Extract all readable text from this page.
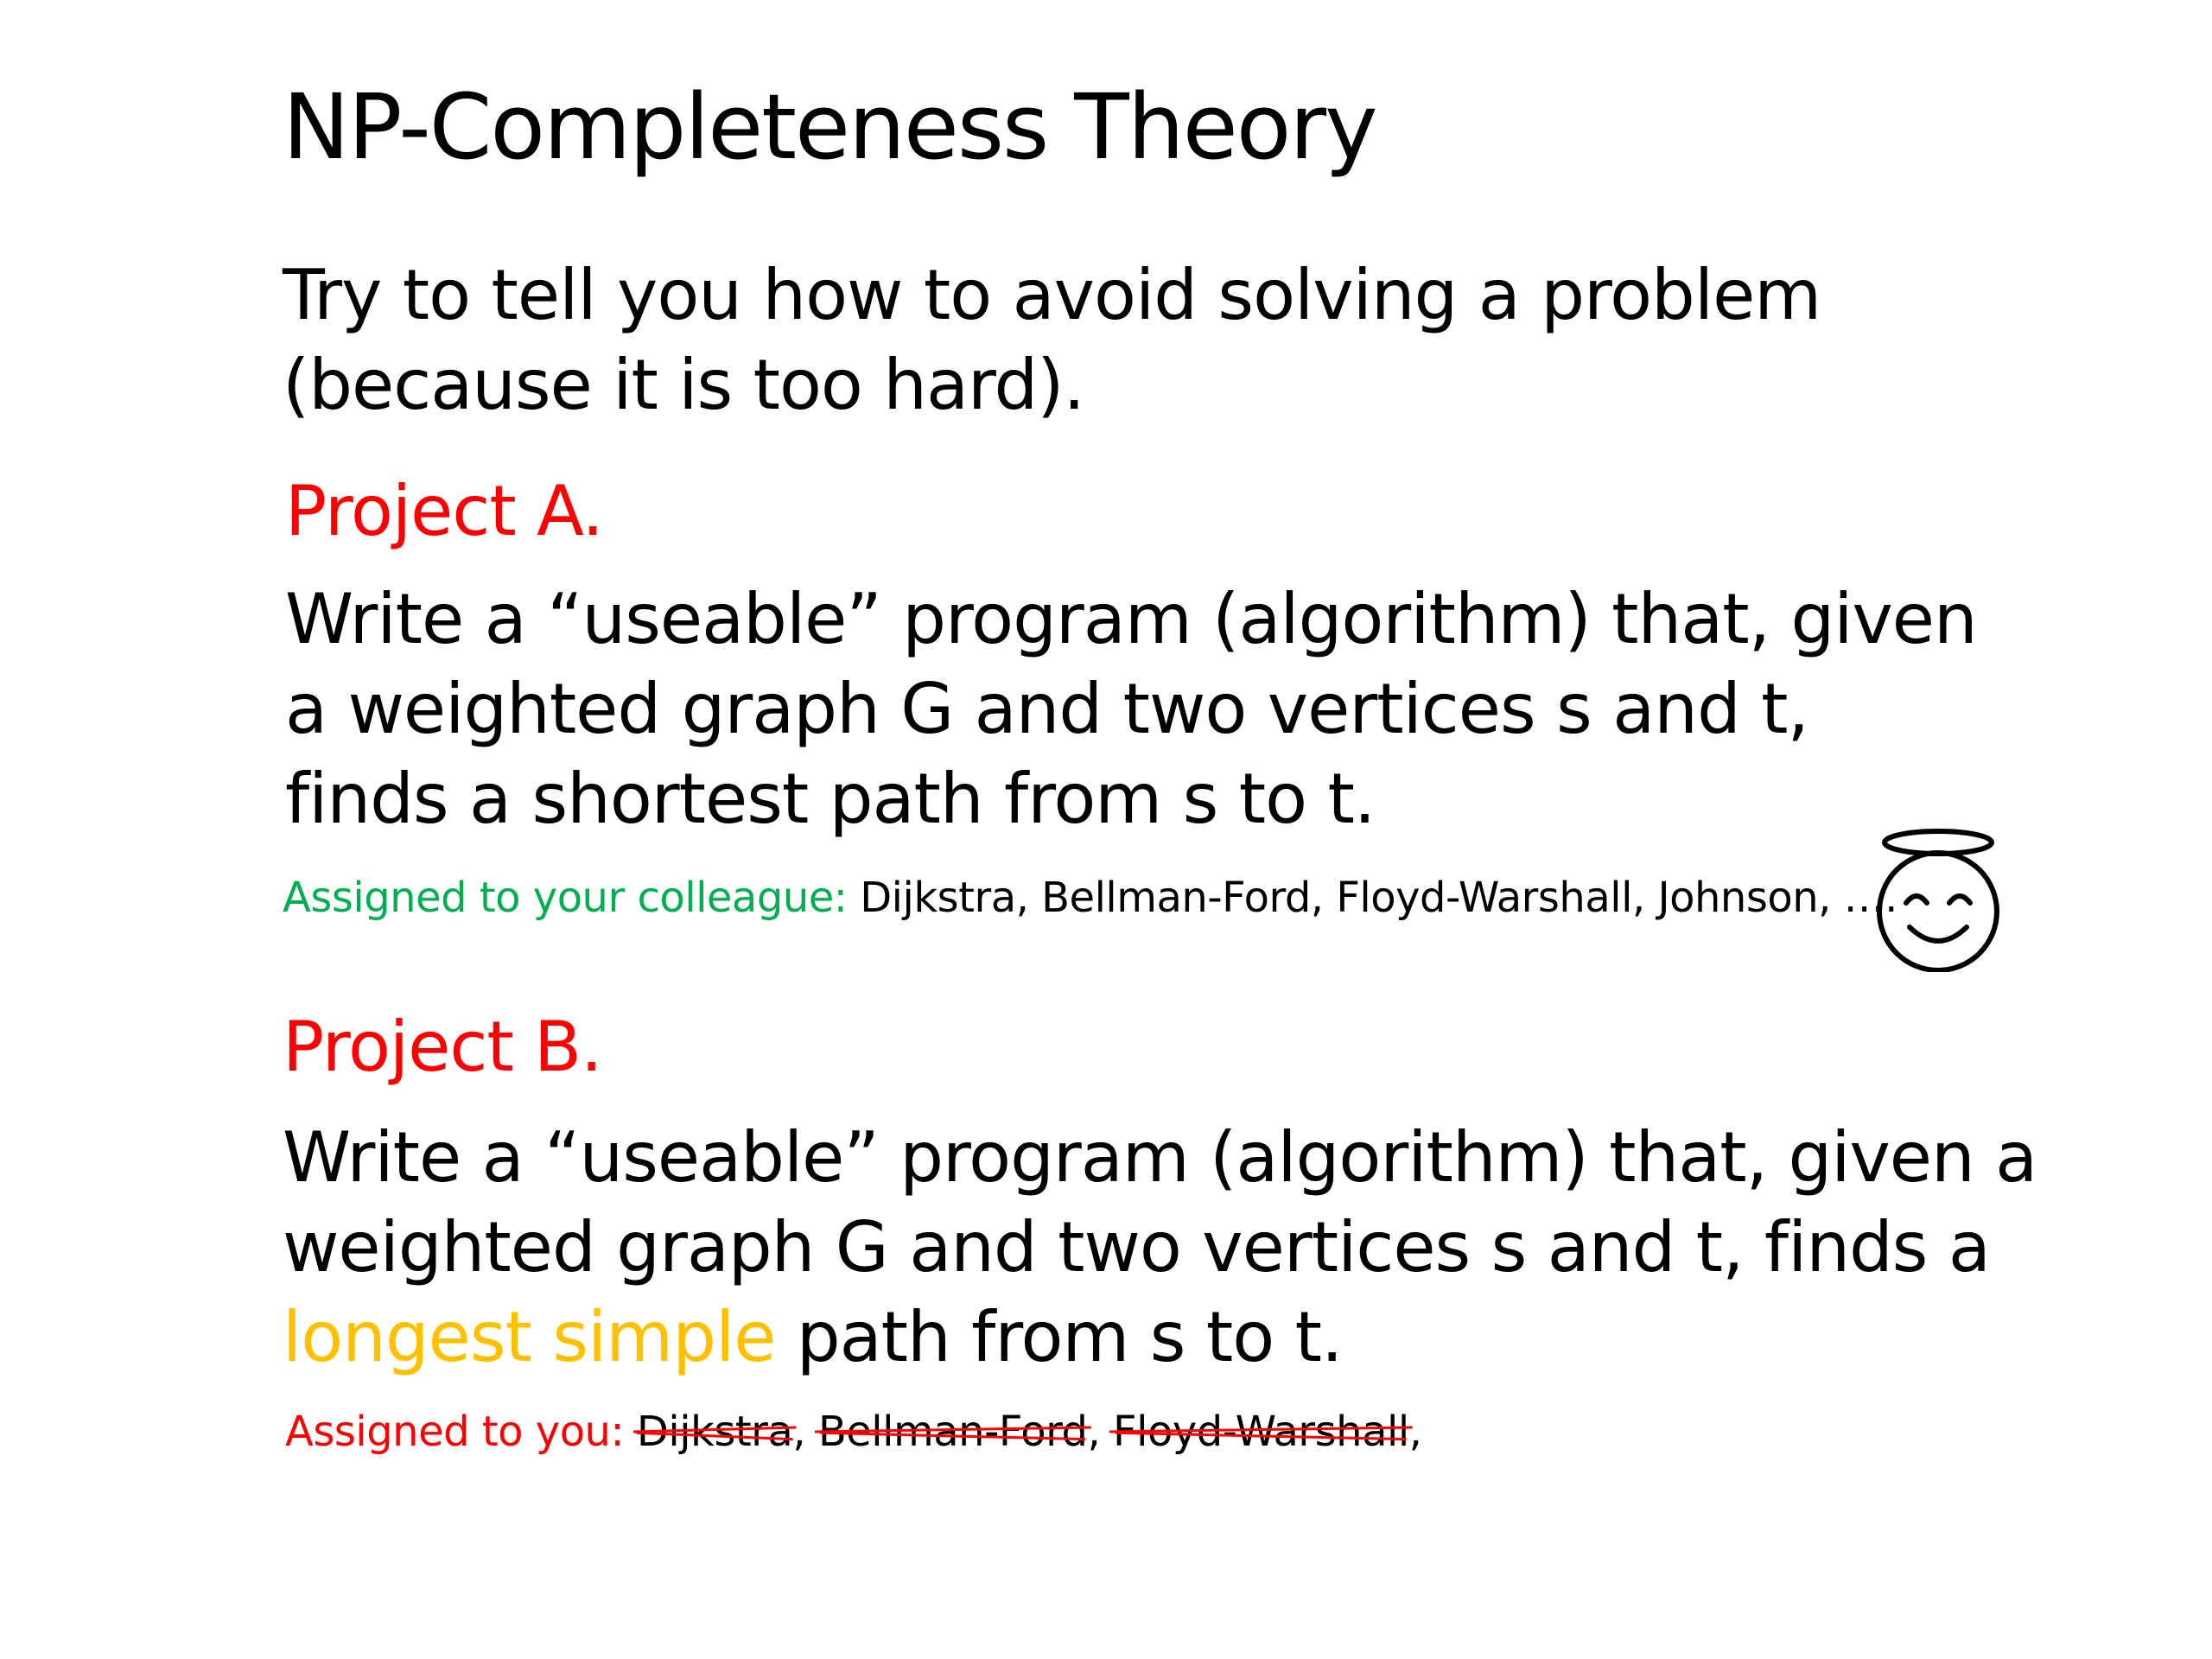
NP-Completeness Theory

Try to tell you how to avoid solving a problem

(because it is too hard).

Project A.

Write a “useable” program (algorithm) that, given

a weighted graph G and two vertices s and t,

finds a shortest path from s to t.

Assigned to your colleague: Dijkstra, Bellman-Ford, Floyd-Warshall, Johnson, ….

Project B.

Write a “useable” program (algorithm) that, given a

weighted graph G and two vertices s and t, finds a

longest simple path from s to t.

Assigned to you: Dijkstra
, Bellman-Ford
, Floyd-Warshall
,
